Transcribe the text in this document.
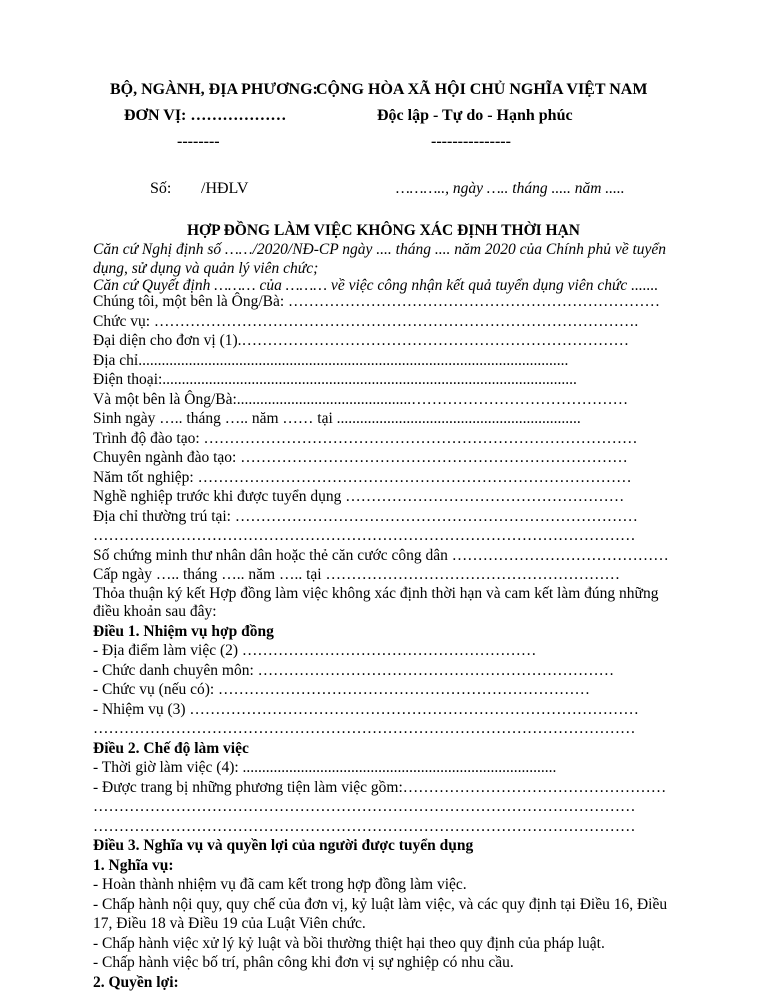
BỘ, NGÀNH, ĐỊA PHƯƠNG:
ĐƠN VỊ: ………………
--------
CỘNG HÒA XÃ HỘI CHỦ NGHĨA VIỆT NAM
Độc lập - Tự do - Hạnh phúc
---------------
Số: /HĐLV	……….., ngày ….. tháng ..... năm .....
HỢP ĐỒNG LÀM VIỆC KHÔNG XÁC ĐỊNH THỜI HẠN
Căn cứ Nghị định số ……/2020/NĐ-CP ngày .... tháng .... năm 2020 của Chính phủ về tuyển
dụng, sử dụng và quản lý viên chức;
Căn cứ Quyết định ……… của ……… về việc công nhận kết quả tuyển dụng viên chức .......
Chúng tôi, một bên là Ông/Bà: ………………………………………………………………
Chức vụ: ………………………………………………………………………………….
Đại diện cho đơn vị (1).…………………………………………………………………
Địa chỉ...............................................................................................................
Điện thoại:...........................................................................................................
Và một bên là Ông/Bà:.............................................……………………………………
Sinh ngày ….. tháng ….. năm …… tại ...............................................................
Trình độ đào tạo: …………………………………………………………………………
Chuyên ngành đào tạo: …………………………………………………………………
Năm tốt nghiệp: …………………………………………………………………………
Nghề nghiệp trước khi được tuyển dụng ………………………………………………
Địa chỉ thường trú tại: ……………………………………………………………………
……………………………………………………………………………………………
Số chứng minh thư nhân dân hoặc thẻ căn cước công dân ……………………………………
Cấp ngày ….. tháng ….. năm ….. tại …………………………………………………
Thỏa thuận ký kết Hợp đồng làm việc không xác định thời hạn và cam kết làm đúng những điều khoản sau đây:
Điều 1. Nhiệm vụ hợp đồng
- Địa điểm làm việc (2) …………………………………………………
- Chức danh chuyên môn: ……………………………………………………………
- Chức vụ (nếu có): ………………………………………………………………
- Nhiệm vụ (3) ……………………………………………………………………………
……………………………………………………………………………………………
Điều 2. Chế độ làm việc
- Thời giờ làm việc (4): .................................................................................
- Được trang bị những phương tiện làm việc gồm:……………………………………………
……………………………………………………………………………………………
……………………………………………………………………………………………
Điều 3. Nghĩa vụ và quyền lợi của người được tuyển dụng
1. Nghĩa vụ:
- Hoàn thành nhiệm vụ đã cam kết trong hợp đồng làm việc.
- Chấp hành nội quy, quy chế của đơn vị, kỷ luật làm việc, và các quy định tại Điều 16, Điều
17, Điều 18 và Điều 19 của Luật Viên chức.
- Chấp hành việc xử lý kỷ luật và bồi thường thiệt hại theo quy định của pháp luật.
- Chấp hành việc bố trí, phân công khi đơn vị sự nghiệp có nhu cầu.
2. Quyền lợi:
